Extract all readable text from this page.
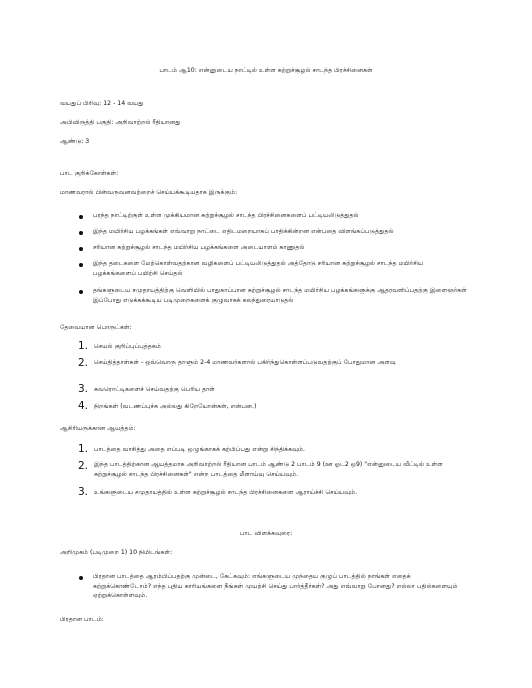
பாடம் ஆ10: என்னுடைய நாட்டில் உள்ள சுற்றுச்சூழல் சாடந்த பிரச்சினைகள்
வயதுப் பிரிவு: 12 - 14 வயது
அபிவிருத்தி பகுதி: அறிவாற்றல் ரீதியானது
ஆண்டு: 3
பாட குறிக்கோள்கள்:
மாணவரால் பின்வருவனவற்றைச் செய்யக்கூடியதாக இருக்கும்:
பரந்த நாட்டிற்குள் உள்ள முக்கியமான சுற்றுச்சூழல் சாடந்த பிரச்சினைகளைப் பட்டியலிடுத்துதல்
இந்த மயிர்சிய பழக்கங்கள் எவ்வாறு நாட்டை எதிடமறையாகப் பாதிக்கின்றன என்பதை விளங்கப்படுத்துதல்
சரியான சுற்றுச்சூழல் சாடந்த மயிர்சிய பழக்கங்களை அடையாளம் காணுதல்
இந்த தடைகளை மேற்கொள்வதற்கான வழிகளைப் பட்டியலிடுத்துதல் அத்தோடு சரியான சுற்றுச்சூழல் சாடந்த மயிர்சிய பழக்கங்களைப் பயிற்சி செய்தல்
தங்களுடைய சமுதாயத்திற்கு வெளியில் பாதுகாப்பான சுற்றுச்சூழல் சாடந்த மயிர்சிய பழக்கங்களுக்கு ஆதரவளிப்பதற்கு இளைஞர்கள் இப்போது எடுக்கக்கூடிய படிமுறைகளைக் குழுவாகக் கலந்துரையாடுதல்
தேவையான பொருட்கள்:
1. செயல் குறிப்புப்புத்தகம்
2. செய்தித்தாள்கள் - ஒவ்வொரு தாளும் 2-4 மாணவர்களால் பகிர்ந்துகொள்ளப்படுவதற்குப் போதுமான அளவு
3. சுவரொட்டிகளைச் செய்வதற்கு பெரிய தாள்
4. நிறங்கள் (வடணப்புச்சு அல்லது கிறேயோன்கள், என்பன.)
ஆசிரியருக்கான ஆயத்தம்:
1. பாடத்தை வாசித்து அதை எப்படி ஒழுங்காகக் கற்பிப்பது என்று சிந்திக்கவும்.
2. இந்த பாடத்திற்கான ஆயத்தமாக அறிவாற்றல் ரீதியான பாடம் ஆண்டு 2 பாடம் 9 (ஊ ஓட2 ஒ9) "என்னுடைய வீட்டில் உள்ள சுற்றுச்சூழல் சாடந்த பிரச்சினைகள்" என்ற பாடத்தை மீளாய்வு செய்யவும்.
3. உங்களுடைய சமுதாயத்தில் உள்ள சுற்றுச்சூழல் சாடந்த பிரச்சினைகளை ஆராய்ச்சி செய்யவும்.
பாட விளக்கவுரை:
அறிமுகம் (படிமுறை 1) 10 நிமிடங்கள்:
பிரதான பாடத்தை ஆரம்பிப்பதற்கு முன்டை, கேட்கவும்: எங்களுடைய முந்தைய குழுப் பாடத்தில் நாங்கள் எதைக் கற்றுக்கொண்டோம்? எந்த புதிய காரியங்களை நீங்கள் முயற்சி செய்து பார்த்தீர்கள்? அது எவ்வாறு போனது? எல்லா பதில்களையும் ஏற்றுக்கொள்ளவும்.
பிரதான பாடம்:
